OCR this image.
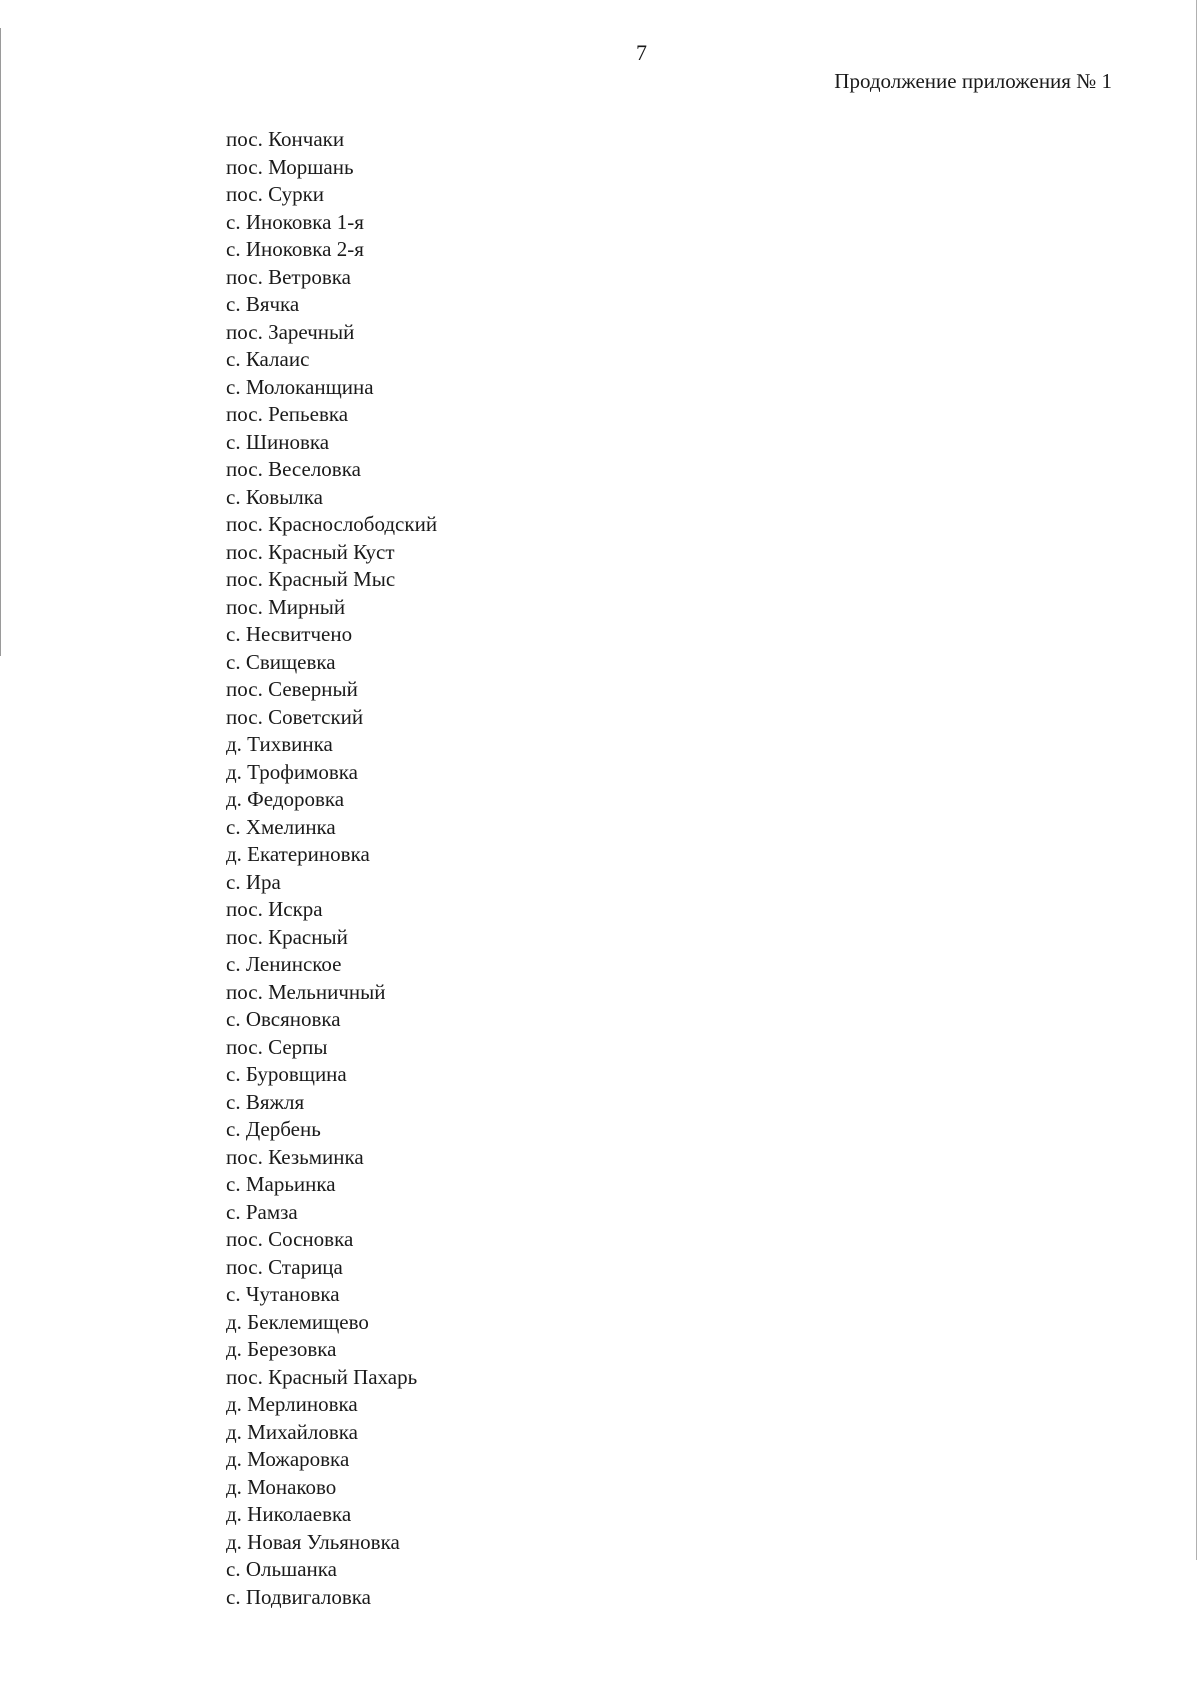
7
Продолжение приложения № 1
пос. Кончаки
пос. Моршань
пос. Сурки
с. Иноковка 1-я
с. Иноковка 2-я
пос. Ветровка
с. Вячка
пос. Заречный
с. Калаис
с. Молоканщина
пос. Репьевка
с. Шиновка
пос. Веселовка
с. Ковылка
пос. Краснослободский
пос. Красный Куст
пос. Красный Мыс
пос. Мирный
с. Несвитчено
с. Свищевка
пос. Северный
пос. Советский
д. Тихвинка
д. Трофимовка
д. Федоровка
с. Хмелинка
д. Екатериновка
с. Ира
пос. Искра
пос. Красный
с. Ленинское
пос. Мельничный
с. Овсяновка
пос. Серпы
с. Буровщина
с. Вяжля
с. Дербень
пос. Кезьминка
с. Марьинка
с. Рамза
пос. Сосновка
пос. Старица
с. Чутановка
д. Беклемищево
д. Березовка
пос. Красный Пахарь
д. Мерлиновка
д. Михайловка
д. Можаровка
д. Монаково
д. Николаевка
д. Новая Ульяновка
с. Ольшанка
с. Подвигаловка
